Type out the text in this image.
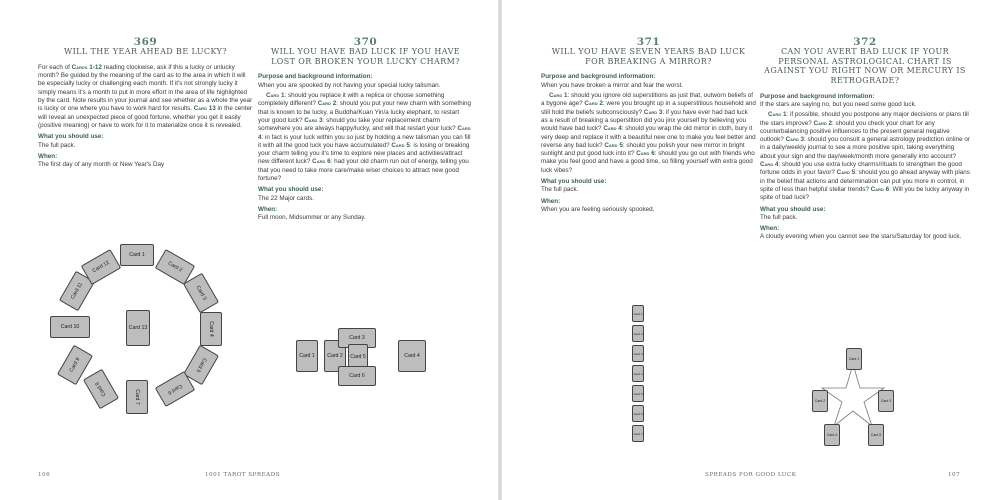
369
WILL THE YEAR AHEAD BE LUCKY?

For each of Cards 1-12 reading clockwise, ask if this a lucky or unlucky month? Be guided by the meaning of the card as to the area in which it will be especially lucky or challenging each month. If it's not strongly lucky it simply means it's a month to put in more effort in the area of life highlighted by the card. Note results in your journal and see whether as a whole the year is lucky or one where you have to work hard for results. Card 13 in the center will reveal an unexpected piece of good fortune, whether you get it easily (positive meaning) or have to work for it to materialize once it is revealed.

What you should use:

The full pack.

When:

The first day of any month or New Year's Day

370
WILL YOU HAVE BAD LUCK IF YOU HAVE LOST OR BROKEN YOUR LUCKY CHARM?
Purpose and background information:

When you are spooked by not having your special lucky talisman.

Card 1: should you replace it with a replica or choose something completely different? Card 2: should you put your new charm with something that is known to be lucky, a Buddha/Kuan Yin/a lucky elephant, to restart your good luck? Card 3: should you take your replacement charm somewhere you are always happy/lucky, and will that restart your luck? Card 4: in fact is your luck within you so just by holding a new talisman you can fill it with all the good luck you have accumulated? Card 5: is losing or breaking your charm telling you it's time to explore new places and activities/attract new different luck? Card 6: had your old charm run out of energy, telling you that you need to take more care/make wiser choices to attract new good fortune?

What you should use:

The 22 Major cards.

When:

Full moon, Midsummer or any Sunday.

371
WILL YOU HAVE SEVEN YEARS BAD LUCK FOR BREAKING A MIRROR?
Purpose and background information:

When you have broken a mirror and fear the worst.

Card 1: should you ignore old superstitions as just that, outworn beliefs of a bygone age? Card 2: were you brought up in a superstitious household and still hold the beliefs subconsciously? Card 3: if you have ever had bad luck as a result of breaking a superstition did you jinx yourself by believing you would have bad luck? Card 4: should you wrap the old mirror in cloth, bury it very deep and replace it with a beautiful new one to make you feel better and reverse any bad luck? Card 5: should you polish your new mirror in bright sunlight and put good luck into it? Card 6: should you go out with friends who make you feel good and have a good time, so filling yourself with extra good luck vibes?

What you should use:

The full pack.

When:

When you are feeling seriously spooked.

372
CAN YOU AVERT BAD LUCK IF YOUR PERSONAL ASTROLOGICAL CHART IS AGAINST YOU RIGHT NOW OR MERCURY IS RETROGRADE?
Purpose and background information:

If the stars are saying no, but you need some good luck.

Card 1: if possible, should you postpone any major decisions or plans till the stars improve? Card 2: should you check your chart for any counterbalancing positive influences to the present general negative outlook? Card 3: should you consult a general astrology prediction online or in a daily/weekly journal to see a more positive spin, taking everything about your sign and the day/week/month more generally into account? Card 4: should you use extra lucky charms/rituals to strengthen the good fortune odds in your favor? Card 5: should you go ahead anyway with plans in the belief that actions and determination can put you more in control, in spite of less than helpful stellar trends? Card 6: Will you be lucky anyway in spite of bad luck?

What you should use:

The full pack.

When:

A cloudy evening when you cannot see the stars/Saturday for good luck.

Card 1
Card 2
Card 3
Card 4
Card 5
Card 6
Card 7
Card 8
Card 9
Card 10
Card 11
Card 12
Card 13
Card 1	Card 2
Card 3
Card 4
Card 5
Card 6
Card 1
Card 2
Card 3
Card 4
Card 5
Card 6
Card 7
Card 1
Card 2	Card 3
Card 4	Card 5
106	1001 TAROT SPREADS	SPREADS FOR GOOD LUCK	107
